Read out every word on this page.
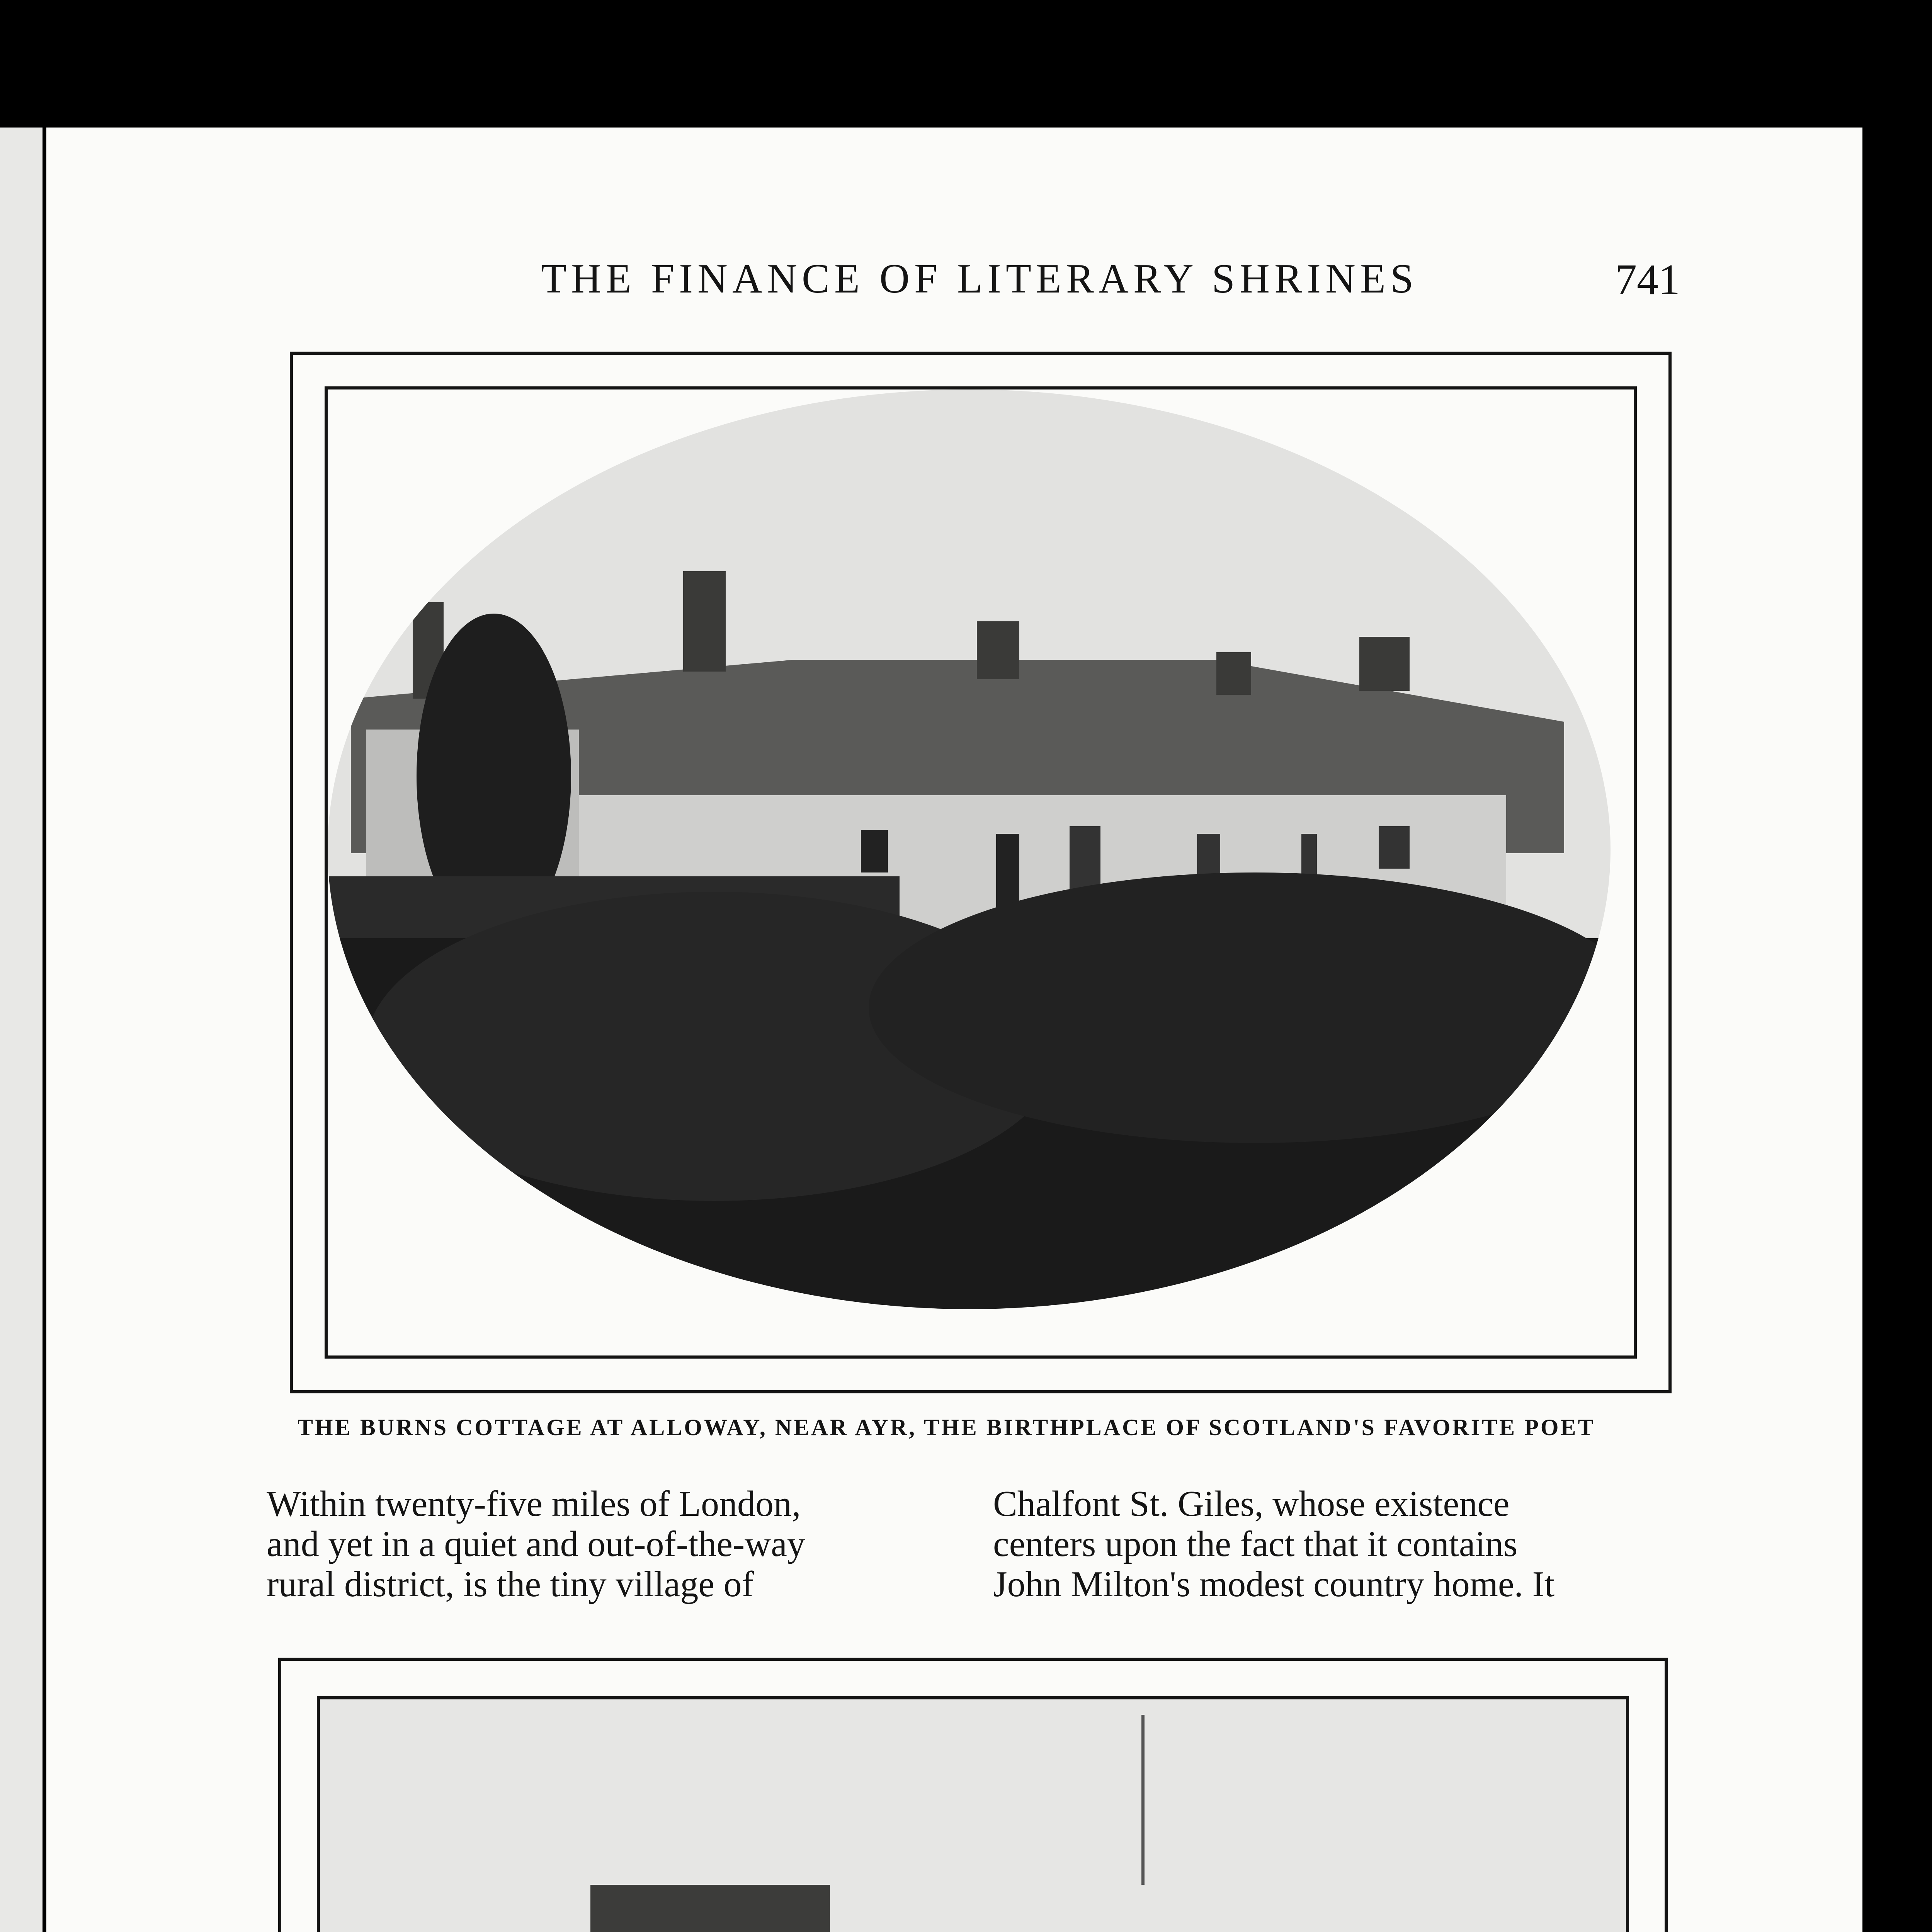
THE FINANCE OF LITERARY SHRINES	741
THE BURNS COTTAGE AT ALLOWAY, NEAR AYR, THE BIRTHPLACE OF SCOTLAND'S FAVORITE POET
Within twenty-five miles of London,
and yet in a quiet and out-of-the-way
rural district, is the tiny village of
Chalfont St. Giles, whose existence
centers upon the fact that it contains
John Milton's modest country home. It
